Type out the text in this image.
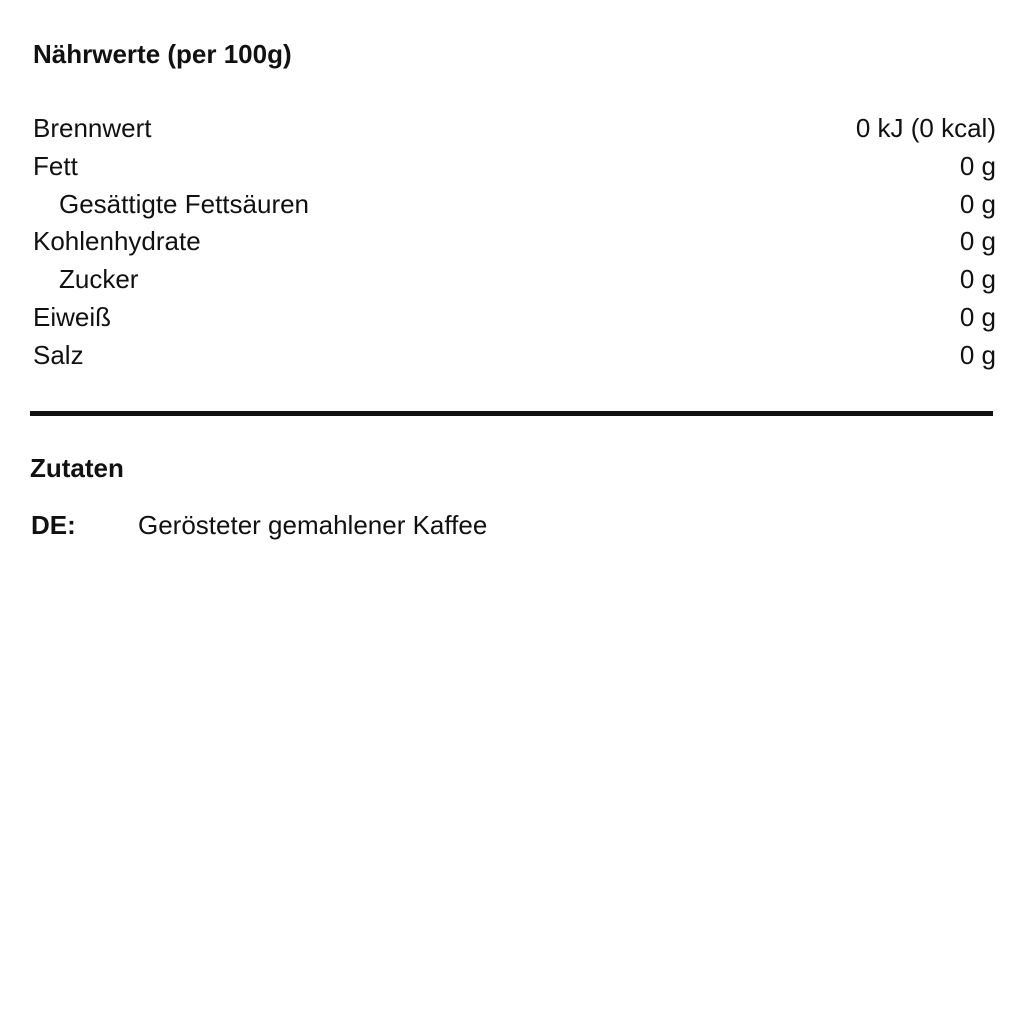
Nährwerte (per 100g)
Brennwert	0 kJ (0 kcal)
Fett	0 g
Gesättigte Fettsäuren	0 g
Kohlenhydrate	0 g
Zucker	0 g
Eiweiß	0 g
Salz	0 g
Zutaten
DE: Gerösteter gemahlener Kaffee
